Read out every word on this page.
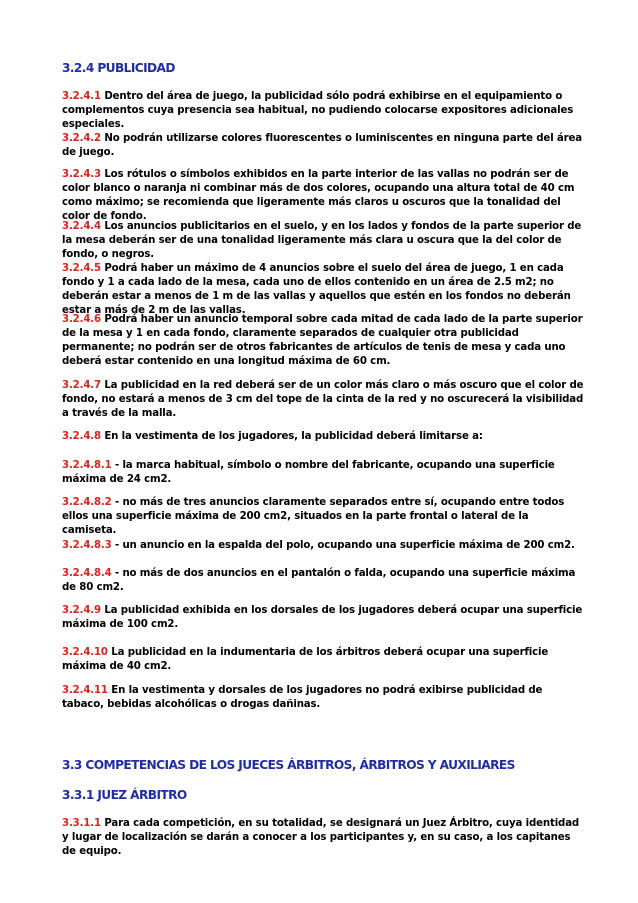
3.2.4 PUBLICIDAD

3.2.4.1 Dentro del área de juego, la publicidad sólo podrá exhibirse en el equipamiento o complementos cuya presencia sea habitual, no pudiendo colocarse expositores adicionales especiales.

3.2.4.2 No podrán utilizarse colores fluorescentes o luminiscentes en ninguna parte del área de juego.

3.2.4.3 Los rótulos o símbolos exhibidos en la parte interior de las vallas no podrán ser de color blanco o naranja ni combinar más de dos colores, ocupando una altura total de 40 cm como máximo; se recomienda que ligeramente más claros u oscuros que la tonalidad del color de fondo.

3.2.4.4 Los anuncios publicitarios en el suelo, y en los lados y fondos de la parte superior de la mesa deberán ser de una tonalidad ligeramente más clara u oscura que la del color de fondo, o negros.

3.2.4.5 Podrá haber un máximo de 4 anuncios sobre el suelo del área de juego, 1 en cada fondo y 1 a cada lado de la mesa, cada uno de ellos contenido en un área de 2.5 m2; no deberán estar a menos de 1 m de las vallas y aquellos que estén en los fondos no deberán estar a más de 2 m de las vallas.

3.2.4.6 Podrá haber un anuncio temporal sobre cada mitad de cada lado de la parte superior de la mesa y 1 en cada fondo, claramente separados de cualquier otra publicidad permanente; no podrán ser de otros fabricantes de artículos de tenis de mesa y cada uno deberá estar contenido en una longitud máxima de 60 cm.

3.2.4.7 La publicidad en la red deberá ser de un color más claro o más oscuro que el color de fondo, no estará a menos de 3 cm del tope de la cinta de la red y no oscurecerá la visibilidad a través de la malla.

3.2.4.8 En la vestimenta de los jugadores, la publicidad deberá limitarse a:

3.2.4.8.1 - la marca habitual, símbolo o nombre del fabricante, ocupando una superficie máxima de 24 cm2.

3.2.4.8.2 - no más de tres anuncios claramente separados entre sí, ocupando entre todos ellos una superficie máxima de 200 cm2, situados en la parte frontal o lateral de la camiseta.

3.2.4.8.3 - un anuncio en la espalda del polo, ocupando una superficie máxima de 200 cm2.

3.2.4.8.4 - no más de dos anuncios en el pantalón o falda, ocupando una superficie máxima de 80 cm2.

3.2.4.9 La publicidad exhibida en los dorsales de los jugadores deberá ocupar una superficie máxima de 100 cm2.

3.2.4.10 La publicidad en la indumentaria de los árbitros deberá ocupar una superficie máxima de 40 cm2.

3.2.4.11 En la vestimenta y dorsales de los jugadores no podrá exibirse publicidad de tabaco, bebidas alcohólicas o drogas dañinas.

3.3 COMPETENCIAS DE LOS JUECES ÁRBITROS, ÁRBITROS Y AUXILIARES

3.3.1 JUEZ ÁRBITRO

3.3.1.1 Para cada competición, en su totalidad, se designará un Juez Árbitro, cuya identidad y lugar de localización se darán a conocer a los participantes y, en su caso, a los capitanes de equipo.
